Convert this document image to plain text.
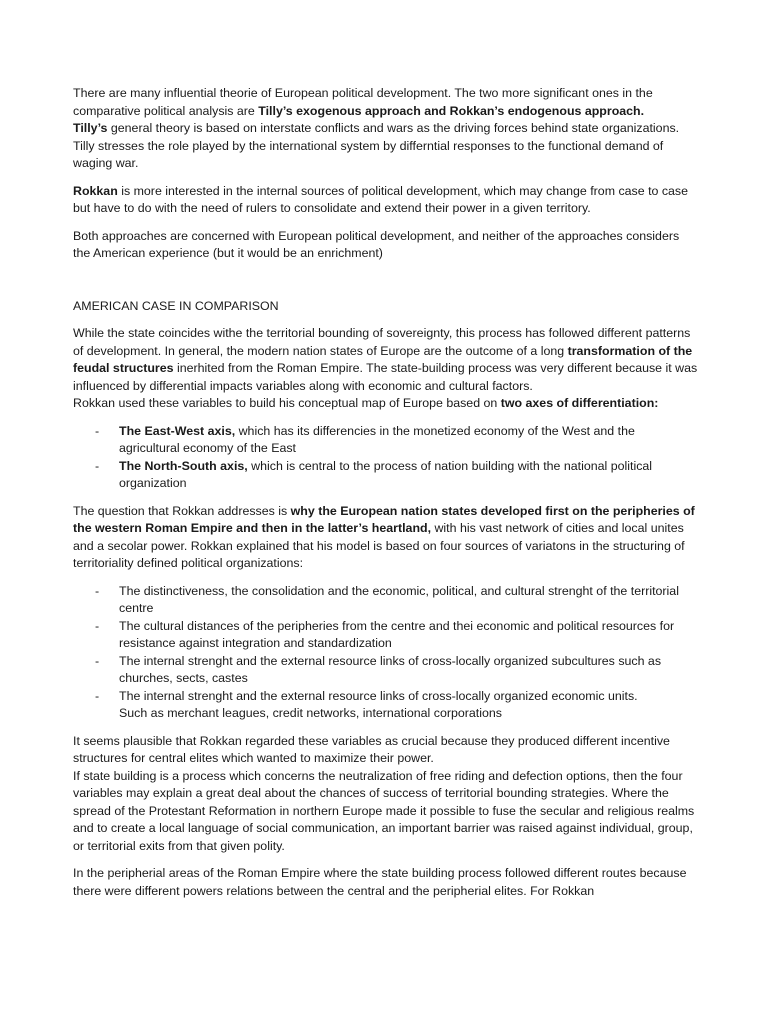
There are many influential theorie of European political development. The two more significant ones in the comparative political analysis are Tilly’s exogenous approach and Rokkan’s endogenous approach.
Tilly’s general theory is based on interstate conflicts and wars as the driving forces behind state organizations. Tilly stresses the role played by the international system by differntial responses to the functional demand of waging war.

Rokkan is more interested in the internal sources of political development, which may change from case to case but have to do with the need of rulers to consolidate and extend their power in a given territory.

Both approaches are concerned with European political development, and neither of the approaches considers the American experience (but it would be an enrichment)

AMERICAN CASE IN COMPARISON

While the state coincides withe the territorial bounding of sovereignty, this process has followed different patterns of development. In general, the modern nation states of Europe are the outcome of a long transformation of the feudal structures inerhited from the Roman Empire. The state-building process was very different because it was influenced by differential impacts variables along with economic and cultural factors.
Rokkan used these variables to build his conceptual map of Europe based on two axes of differentiation:

- The East-West axis, which has its differencies in the monetized economy of the West and the agricultural economy of the East
- The North-South axis, which is central to the process of nation building with the national political organization

The question that Rokkan addresses is why the European nation states developed first on the peripheries of the western Roman Empire and then in the latter’s heartland, with his vast network of cities and local unites and a secolar power. Rokkan explained that his model is based on four sources of variatons in the structuring of territoriality defined political organizations:

- The distinctiveness, the consolidation and the economic, political, and cultural strenght of the territorial centre
- The cultural distances of the peripheries from the centre and thei economic and political resources for resistance against integration and standardization
- The internal strenght and the external resource links of cross-locally organized subcultures such as churches, sects, castes
- The internal strenght and the external resource links of cross-locally organized economic units.
Such as merchant leagues, credit networks, international corporations

It seems plausible that Rokkan regarded these variables as crucial because they produced different incentive structures for central elites which wanted to maximize their power.
If state building is a process which concerns the neutralization of free riding and defection options, then the four variables may explain a great deal about the chances of success of territorial bounding strategies. Where the spread of the Protestant Reformation in northern Europe made it possible to fuse the secular and religious realms and to create a local language of social communication, an important barrier was raised against individual, group, or territorial exits from that given polity.

In the peripherial areas of the Roman Empire where the state building process followed different routes because there were different powers relations between the central and the peripherial elites. For Rokkan
